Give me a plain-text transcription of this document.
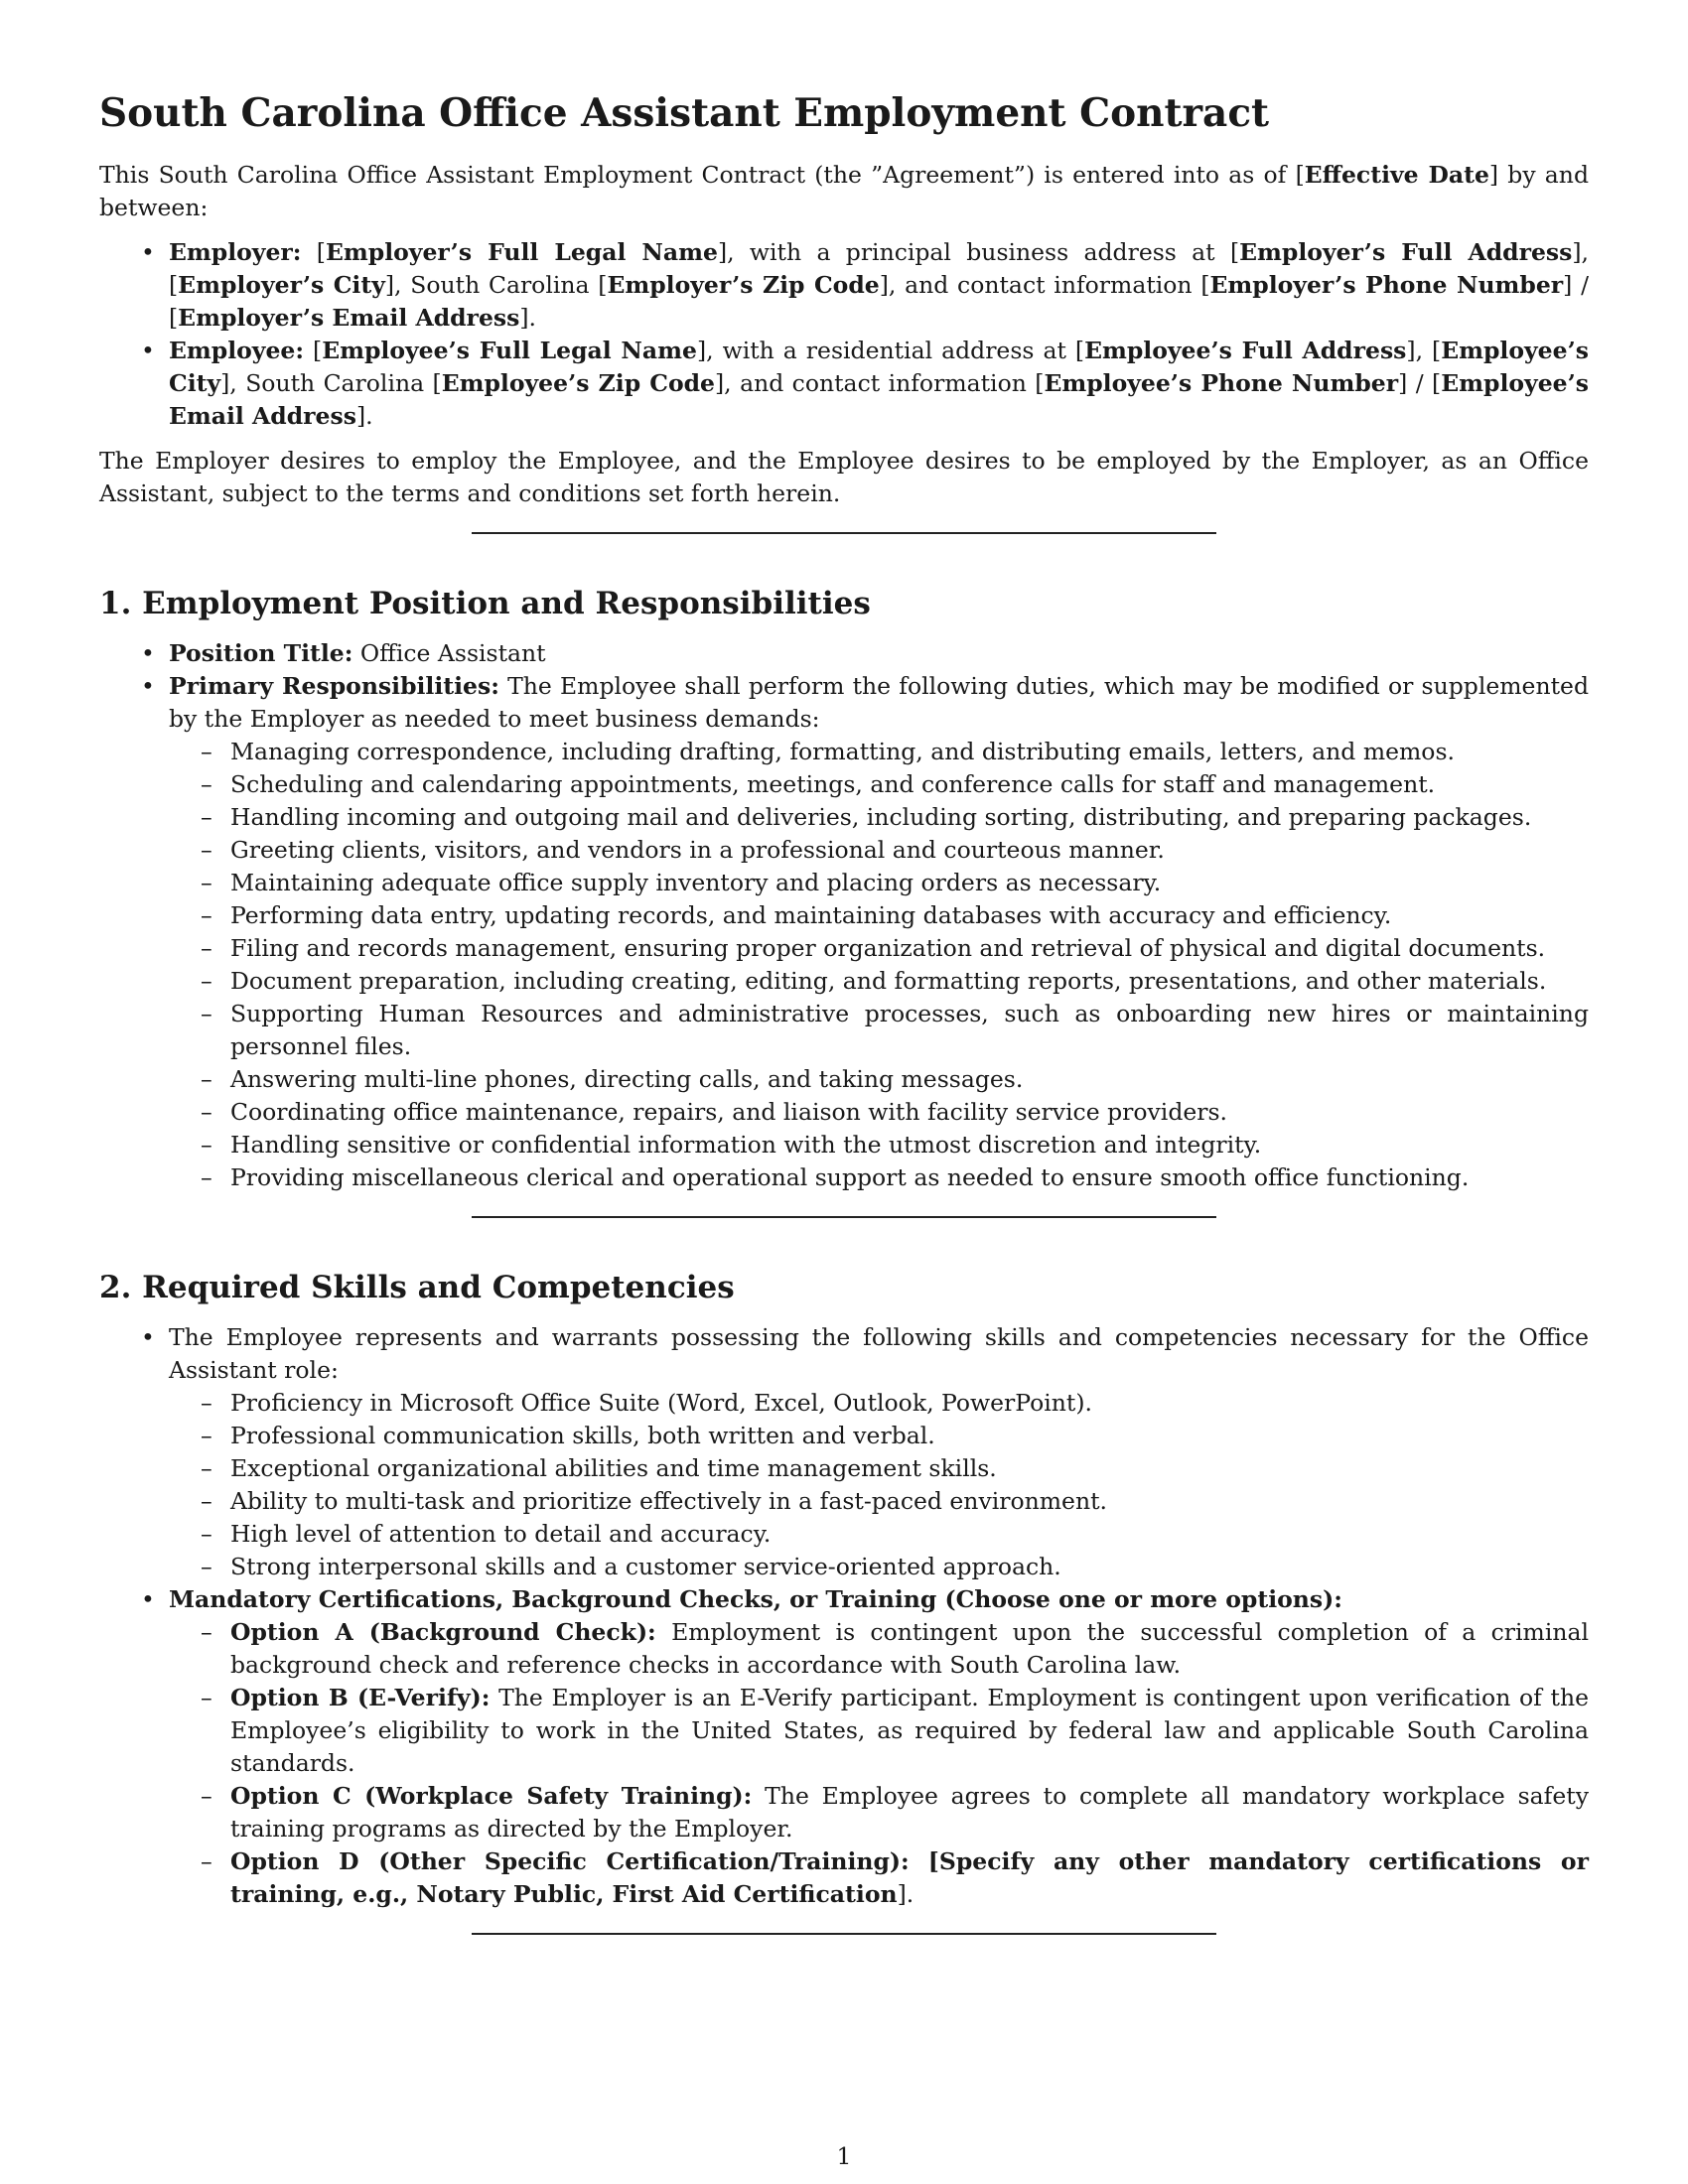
South Carolina Office Assistant Employment Contract

This South Carolina Office Assistant Employment Contract (the ”Agreement”) is entered into as of [Effective Date] by and between:

• Employer: [Employer’s Full Legal Name], with a principal business address at [Employer’s Full Address], [Employer’s City], South Carolina [Employer’s Zip Code], and contact information [Employer’s Phone Number] / [Employer’s Email Address].
• Employee: [Employee’s Full Legal Name], with a residential address at [Employee’s Full Address], [Employee’s City], South Carolina [Employee’s Zip Code], and contact information [Employee’s Phone Number] / [Employee’s Email Address].

The Employer desires to employ the Employee, and the Employee desires to be employed by the Employer, as an Office Assistant, subject to the terms and conditions set forth herein.

1. Employment Position and Responsibilities
• Position Title: Office Assistant
• Primary Responsibilities: The Employee shall perform the following duties, which may be modified or supplemented by the Employer as needed to meet business demands:
– Managing correspondence, including drafting, formatting, and distributing emails, letters, and memos.
– Scheduling and calendaring appointments, meetings, and conference calls for staff and management.
– Handling incoming and outgoing mail and deliveries, including sorting, distributing, and preparing packages.
– Greeting clients, visitors, and vendors in a professional and courteous manner.
– Maintaining adequate office supply inventory and placing orders as necessary.
– Performing data entry, updating records, and maintaining databases with accuracy and efficiency.
– Filing and records management, ensuring proper organization and retrieval of physical and digital documents.
– Document preparation, including creating, editing, and formatting reports, presentations, and other materials.
– Supporting Human Resources and administrative processes, such as onboarding new hires or maintaining personnel files.
– Answering multi-line phones, directing calls, and taking messages.
– Coordinating office maintenance, repairs, and liaison with facility service providers.
– Handling sensitive or confidential information with the utmost discretion and integrity.
– Providing miscellaneous clerical and operational support as needed to ensure smooth office functioning.
2. Required Skills and Competencies
• The Employee represents and warrants possessing the following skills and competencies necessary for the Office Assistant role:
– Proficiency in Microsoft Office Suite (Word, Excel, Outlook, PowerPoint).
– Professional communication skills, both written and verbal.
– Exceptional organizational abilities and time management skills.
– Ability to multi-task and prioritize effectively in a fast-paced environment.
– High level of attention to detail and accuracy.
– Strong interpersonal skills and a customer service-oriented approach.
• Mandatory Certifications, Background Checks, or Training (Choose one or more options):
– Option A (Background Check): Employment is contingent upon the successful completion of a criminal background check and reference checks in accordance with South Carolina law.
– Option B (E-Verify): The Employer is an E-Verify participant. Employment is contingent upon verification of the Employee’s eligibility to work in the United States, as required by federal law and applicable South Carolina standards.
– Option C (Workplace Safety Training): The Employee agrees to complete all mandatory workplace safety training programs as directed by the Employer.
– Option D (Other Specific Certification/Training): [Specify any other mandatory certifications or training, e.g., Notary Public, First Aid Certification].
1
